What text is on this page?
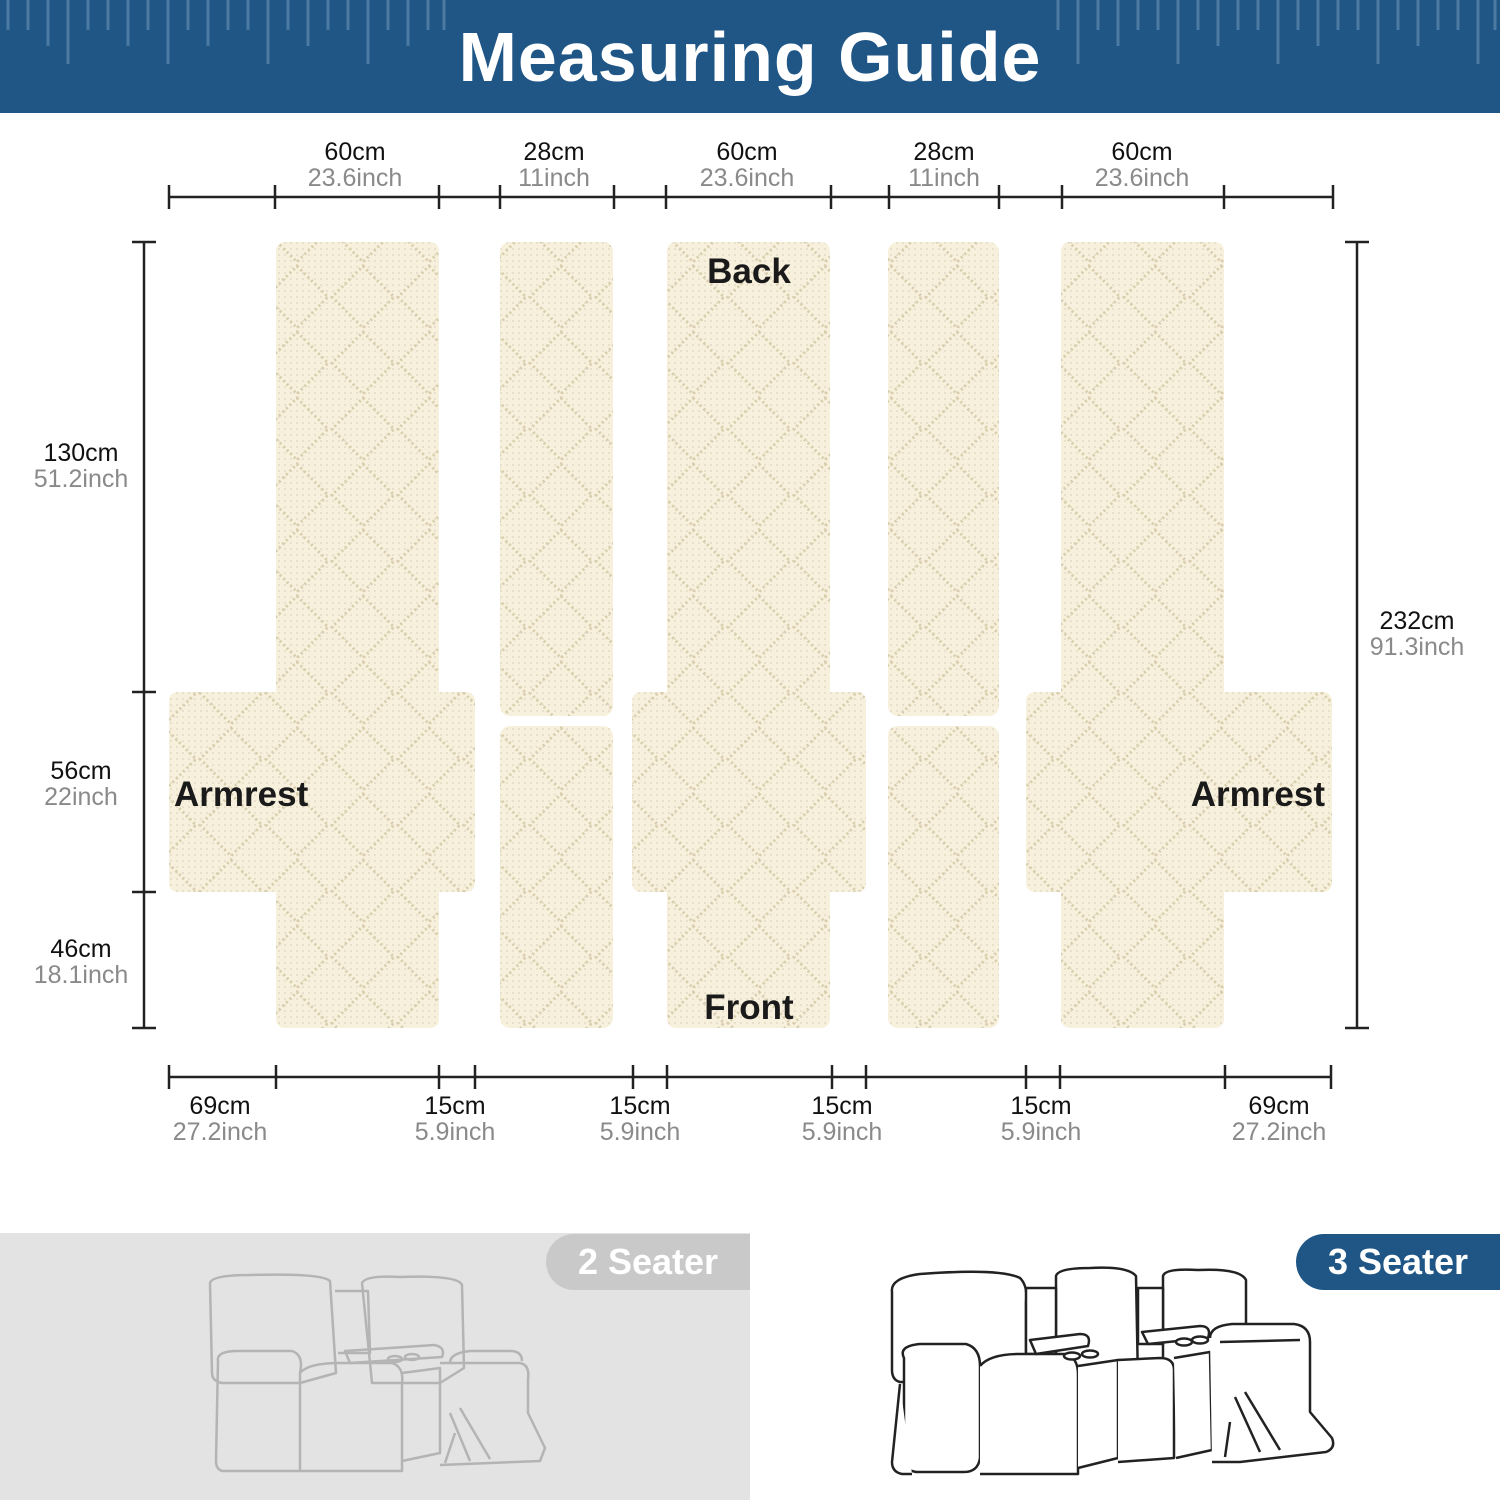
Measuring Guide
60cm
23.6inch
28cm
11inch
60cm
23.6inch
28cm
11inch
60cm
23.6inch
130cm
51.2inch
56cm
22inch
46cm
18.1inch
232cm
91.3inch
Back
Front
Armrest	Armrest
69cm
27.2inch
15cm
5.9inch
15cm
5.9inch
15cm
5.9inch
15cm
5.9inch
69cm
27.2inch
2 Seater	3 Seater
